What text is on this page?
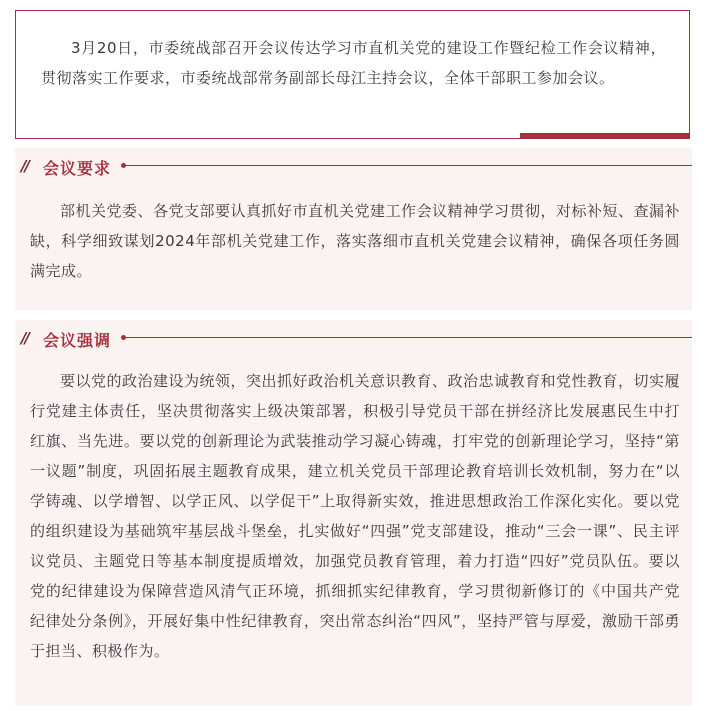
3月20日，市委统战部召开会议传达学习市直机关党的建设工作暨纪检工作会议精神，贯彻落实工作要求，市委统战部常务副部长母江主持会议，全体干部职工参加会议。

// 会议要求

部机关党委、各党支部要认真抓好市直机关党建工作会议精神学习贯彻，对标补短、查漏补缺，科学细致谋划2024年部机关党建工作，落实落细市直机关党建会议精神，确保各项任务圆满完成。

// 会议强调

要以党的政治建设为统领，突出抓好政治机关意识教育、政治忠诚教育和党性教育，切实履行党建主体责任，坚决贯彻落实上级决策部署，积极引导党员干部在拼经济比发展惠民生中打红旗、当先进。要以党的创新理论为武装推动学习凝心铸魂，打牢党的创新理论学习，坚持“第一议题”制度，巩固拓展主题教育成果，建立机关党员干部理论教育培训长效机制，努力在“以学铸魂、以学增智、以学正风、以学促干”上取得新实效，推进思想政治工作深化实化。要以党的组织建设为基础筑牢基层战斗堡垒，扎实做好“四强”党支部建设，推动“三会一课”、民主评议党员、主题党日等基本制度提质增效，加强党员教育管理，着力打造“四好”党员队伍。要以党的纪律建设为保障营造风清气正环境，抓细抓实纪律教育，学习贯彻新修订的《中国共产党纪律处分条例》，开展好集中性纪律教育，突出常态纠治“四风”，坚持严管与厚爱，激励干部勇于担当、积极作为。
